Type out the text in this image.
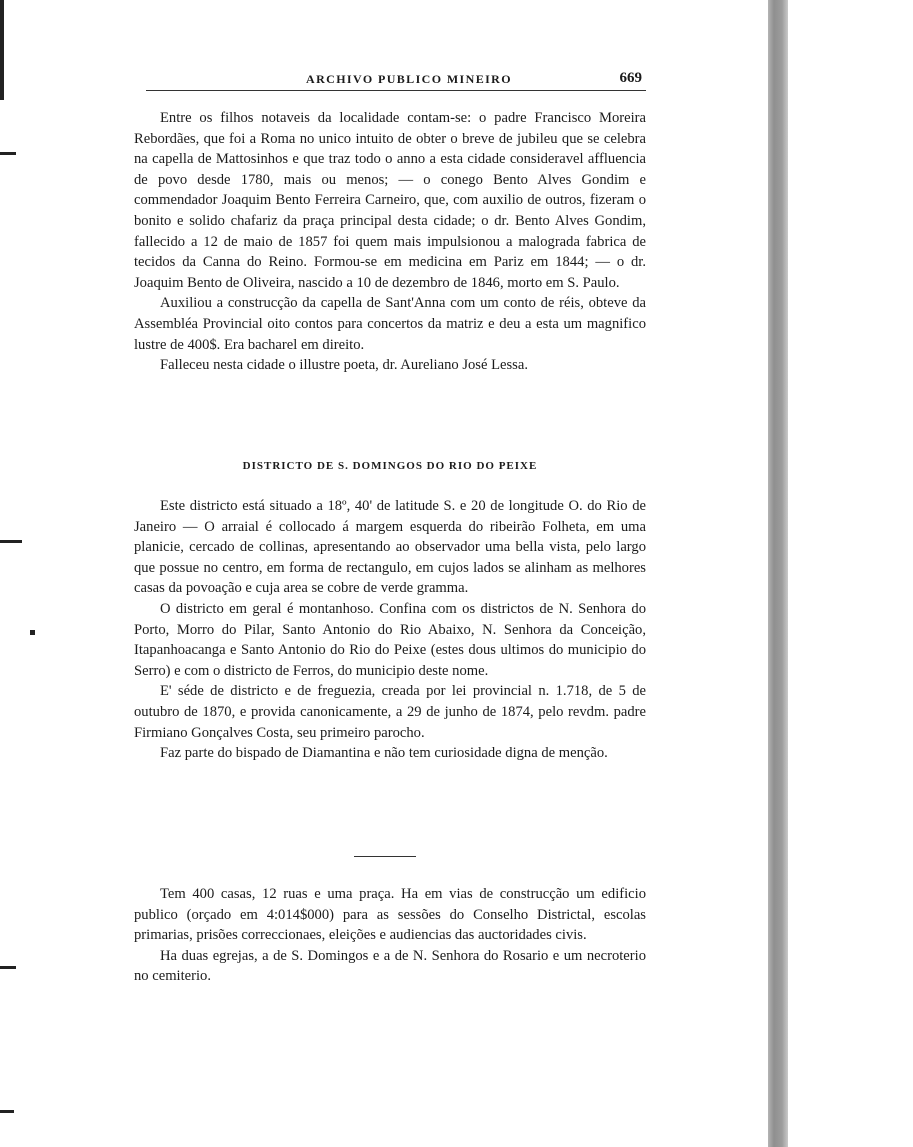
ARCHIVO PUBLICO MINEIRO	669

Entre os filhos notaveis da localidade contam-se: o padre Francisco Moreira Rebordães, que foi a Roma no unico intuito de obter o breve de jubileu que se celebra na capella de Mattosinhos e que traz todo o anno a esta cidade consideravel affluencia de povo desde 1780, mais ou menos; — o conego Bento Alves Gondim e commendador Joaquim Bento Ferreira Carneiro, que, com auxilio de outros, fizeram o bonito e solido chafariz da praça principal desta cidade; o dr. Bento Alves Gondim, fallecido a 12 de maio de 1857 foi quem mais impulsionou a malograda fabrica de tecidos da Canna do Reino. Formou-se em medicina em Pariz em 1844; — o dr. Joaquim Bento de Oliveira, nascido a 10 de dezembro de 1846, morto em S. Paulo.

Auxiliou a construcção da capella de Sant'Anna com um conto de réis, obteve da Assembléa Provincial oito contos para concertos da matriz e deu a esta um magnifico lustre de 400$. Era bacharel em direito.

Falleceu nesta cidade o illustre poeta, dr. Aureliano José Lessa.

DISTRICTO DE S. DOMINGOS DO RIO DO PEIXE

Este districto está situado a 18º, 40' de latitude S. e 20 de longitude O. do Rio de Janeiro — O arraial é collocado á margem esquerda do ribeirão Folheta, em uma planicie, cercado de collinas, apresentando ao observador uma bella vista, pelo largo que possue no centro, em forma de rectangulo, em cujos lados se alinham as melhores casas da povoação e cuja area se cobre de verde gramma.

O districto em geral é montanhoso. Confina com os districtos de N. Senhora do Porto, Morro do Pilar, Santo Antonio do Rio Abaixo, N. Senhora da Conceição, Itapanhoacanga e Santo Antonio do Rio do Peixe (estes dous ultimos do municipio do Serro) e com o districto de Ferros, do municipio deste nome.

E' séde de districto e de freguezia, creada por lei provincial n. 1.718, de 5 de outubro de 1870, e provida canonicamente, a 29 de junho de 1874, pelo revdm. padre Firmiano Gonçalves Costa, seu primeiro parocho.

Faz parte do bispado de Diamantina e não tem curiosidade digna de menção.

Tem 400 casas, 12 ruas e uma praça. Ha em vias de construcção um edificio publico (orçado em 4:014$000) para as sessões do Conselho Districtal, escolas primarias, prisões correccionaes, eleições e audiencias das auctoridades civis.

Ha duas egrejas, a de S. Domingos e a de N. Senhora do Rosario e um necroterio no cemiterio.
